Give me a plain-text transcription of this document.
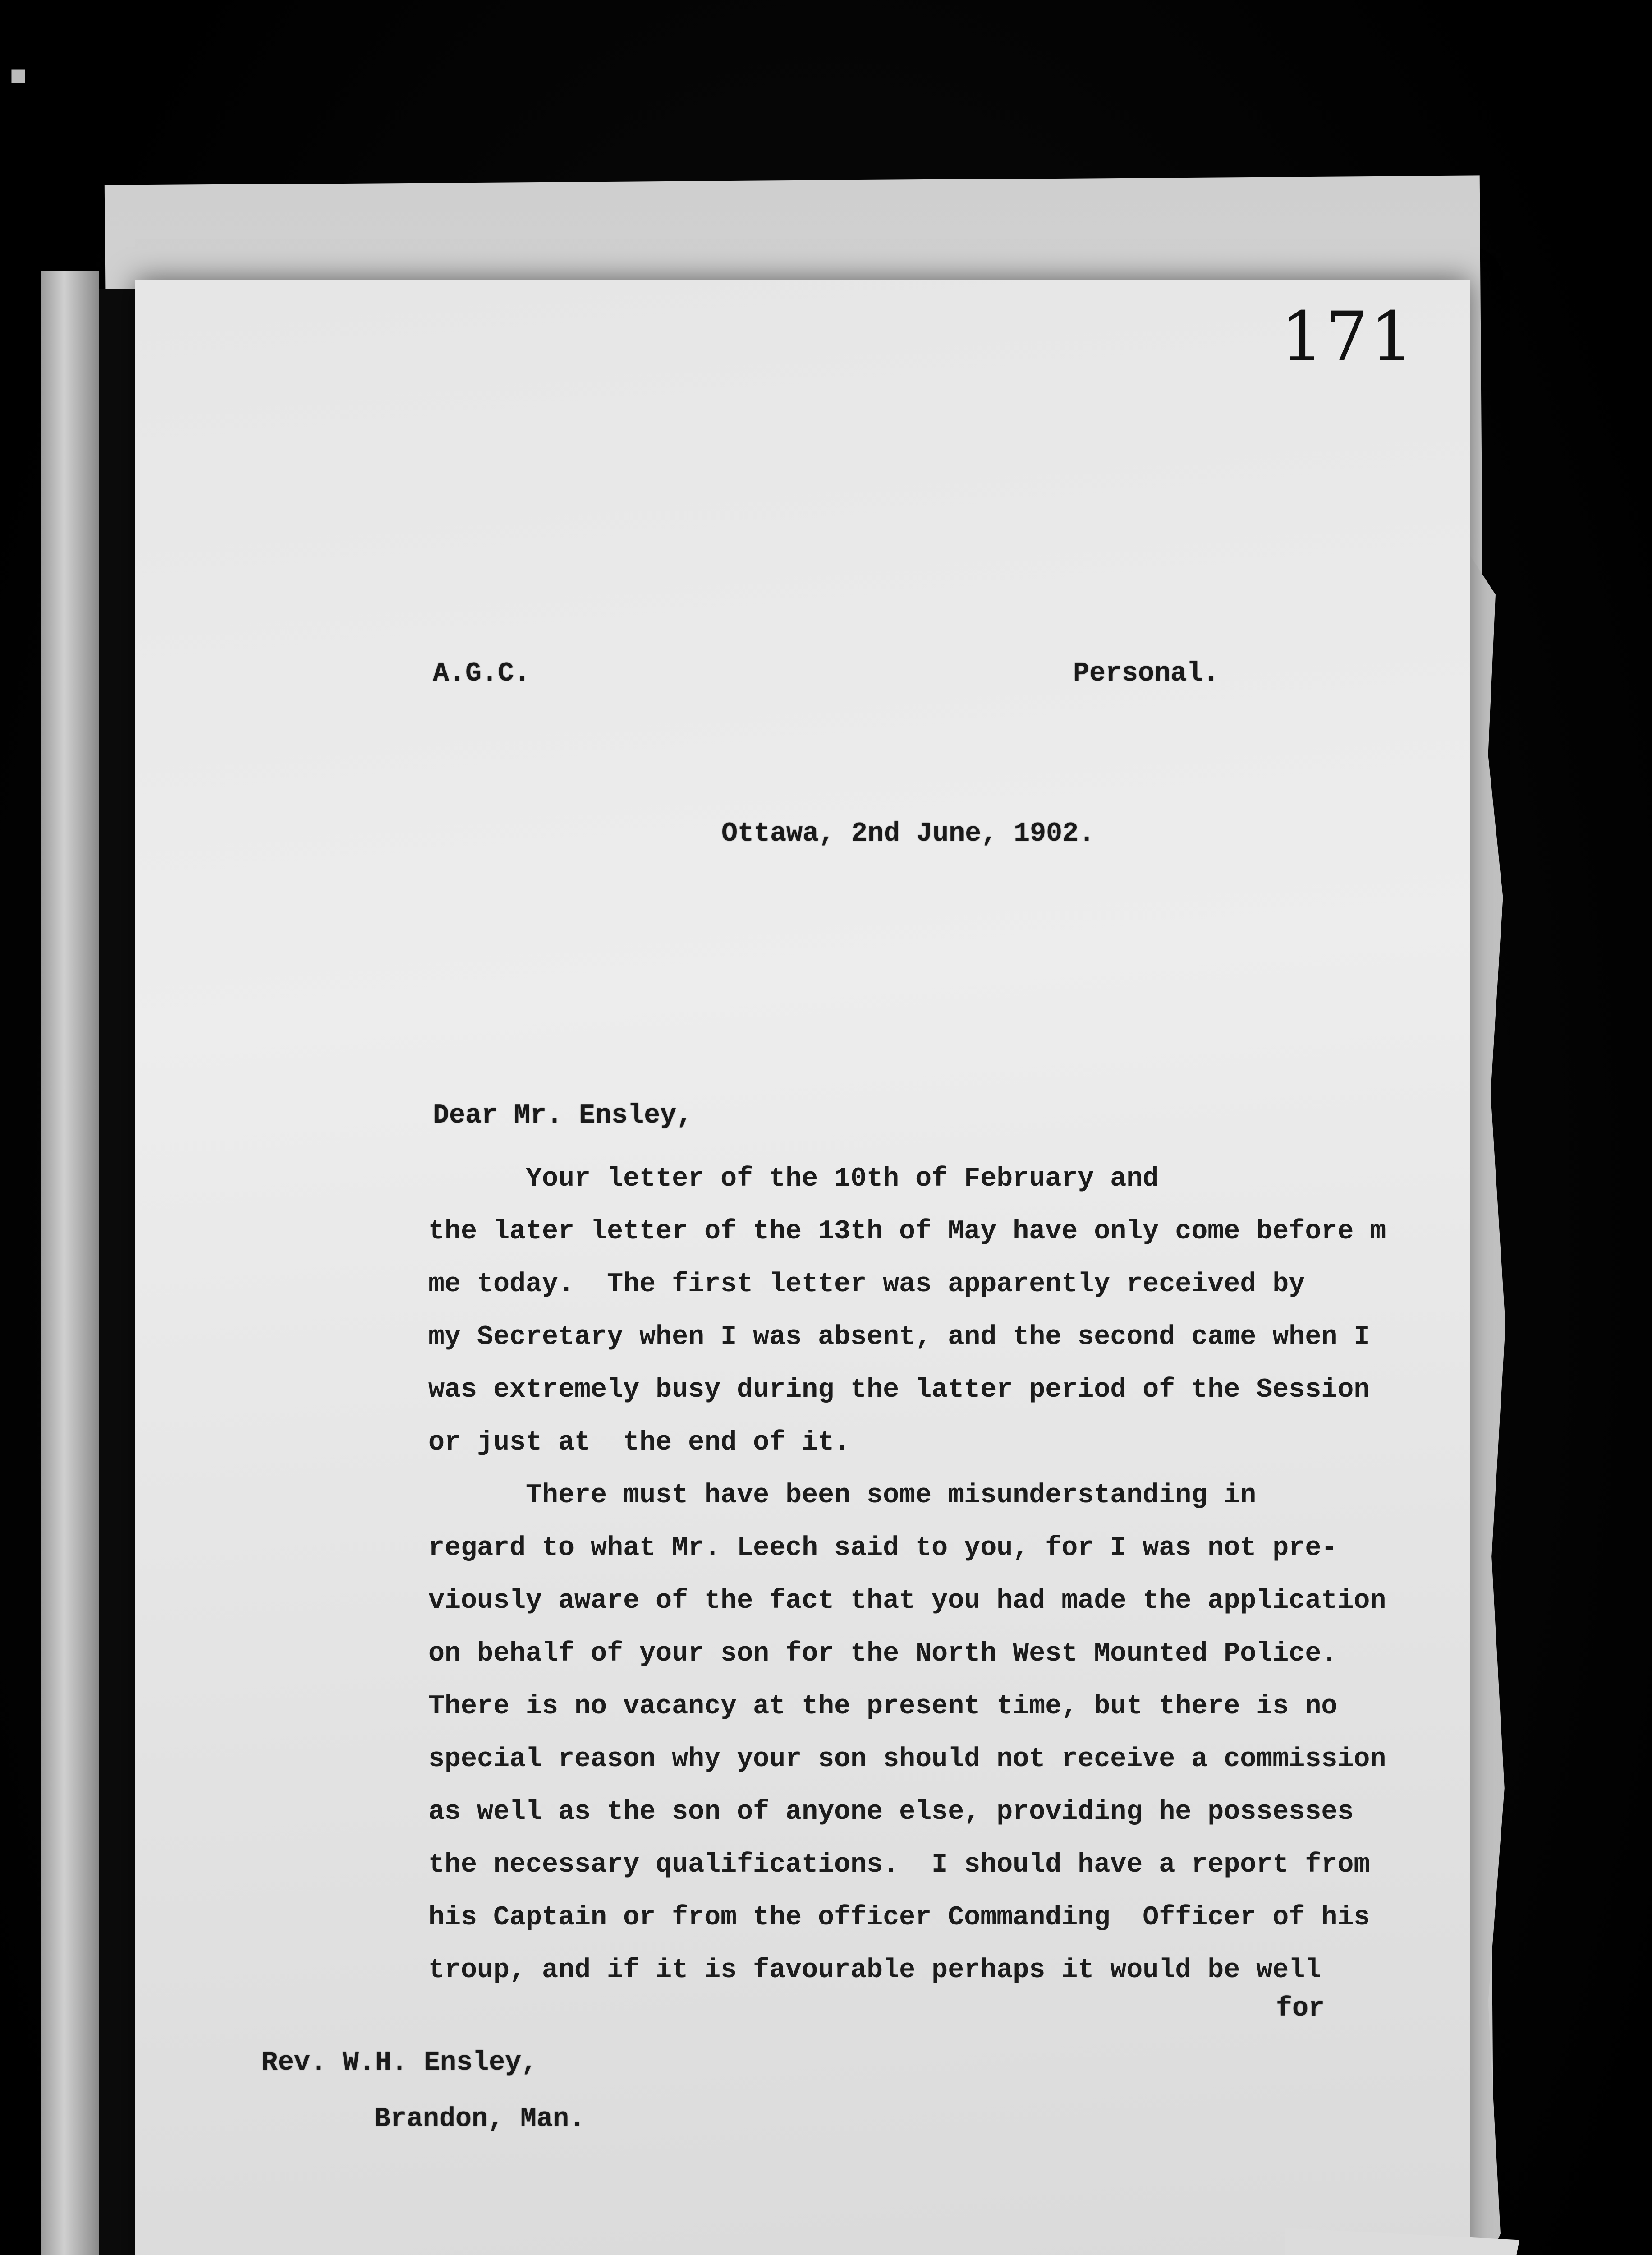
▪
171
A.G.C.	Personal.
Ottawa, 2nd June, 1902.
Dear Mr. Ensley,
Your letter of the 10th of February and
the later letter of the 13th of May have only come before m
me today.  The first letter was apparently received by
my Secretary when I was absent, and the second came when I
was extremely busy during the latter period of the Session
or just at  the end of it.
There must have been some misunderstanding in
regard to what Mr. Leech said to you, for I was not pre-
viously aware of the fact that you had made the application
on behalf of your son for the North West Mounted Police.
There is no vacancy at the present time, but there is no
special reason why your son should not receive a commission
as well as the son of anyone else, providing he possesses
the necessary qualifications.  I should have a report from
his Captain or from the officer Commanding  Officer of his
troup, and if it is favourable perhaps it would be well
for
Rev. W.H. Ensley,
Brandon, Man.
